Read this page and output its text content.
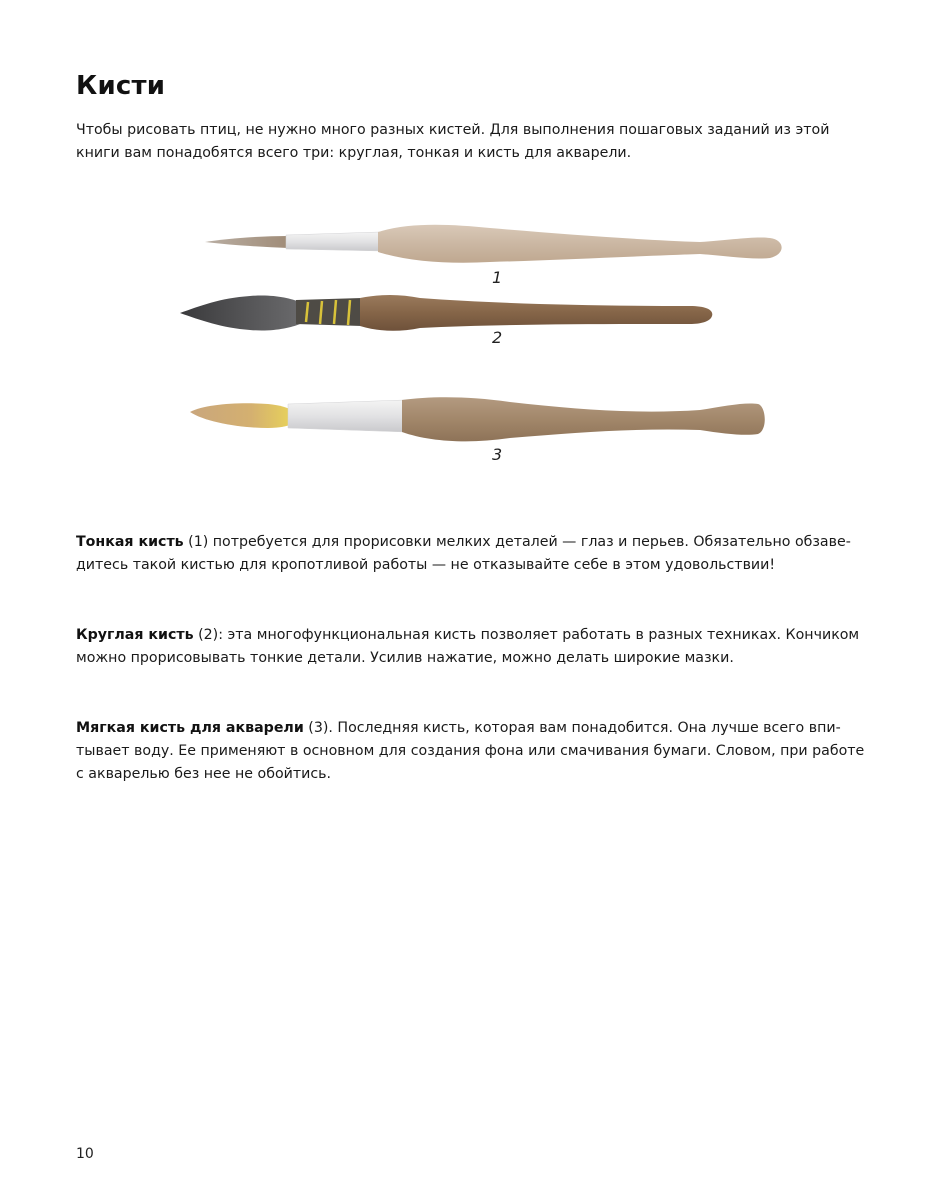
Кисти

Чтобы рисовать птиц, не нужно много разных кистей. Для выполнения пошаговых заданий из этой книги вам понадобятся всего три: круглая, тонкая и кисть для акварели.

1
2
3

Тонкая кисть (1) потребуется для прорисовки мелких деталей — глаз и перьев. Обязательно обзаведитесь такой кистью для кропотливой работы — не отказывайте себе в этом удовольствии!

Круглая кисть (2): эта многофункциональная кисть позволяет работать в разных техниках. Кончиком можно прорисовывать тонкие детали. Усилив нажатие, можно делать широкие мазки.

Мягкая кисть для акварели (3). Последняя кисть, которая вам понадобится. Она лучше всего впитывает воду. Ее применяют в основном для создания фона или смачивания бумаги. Словом, при работе с акварелью без нее не обойтись.

10
